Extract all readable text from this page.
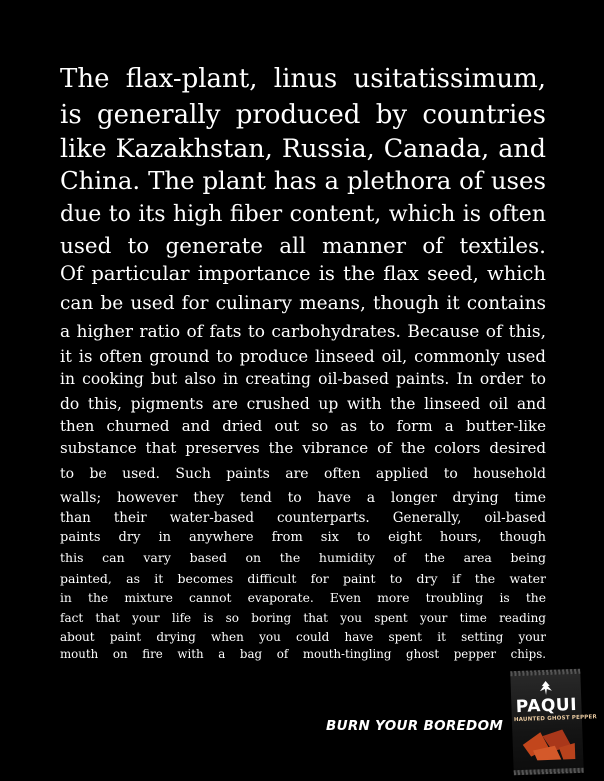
The flax-plant, linus usitatissimum,
is generally produced by countries
like Kazakhstan, Russia, Canada, and
China. The plant has a plethora of uses
due to its high fiber content, which is often
used to generate all manner of textiles.
Of particular importance is the flax seed, which
can be used for culinary means, though it contains
a higher ratio of fats to carbohydrates. Because of this,
it is often ground to produce linseed oil, commonly used
in cooking but also in creating oil-based paints. In order to
do this, pigments are crushed up with the linseed oil and
then churned and dried out so as to form a butter-like
substance that preserves the vibrance of the colors desired
to be used. Such paints are often applied to household
walls; however they tend to have a longer drying time
than their water-based counterparts. Generally, oil-based
paints dry in anywhere from six to eight hours, though
this can vary based on the humidity of the area being
painted, as it becomes difficult for paint to dry if the water
in the mixture cannot evaporate. Even more troubling is the
fact that your life is so boring that you spent your time reading
about paint drying when you could have spent it setting your
mouth on fire with a bag of mouth-tingling ghost pepper chips.
BURN YOUR BOREDOM
PAQUI
HAUNTED GHOST PEPPER
